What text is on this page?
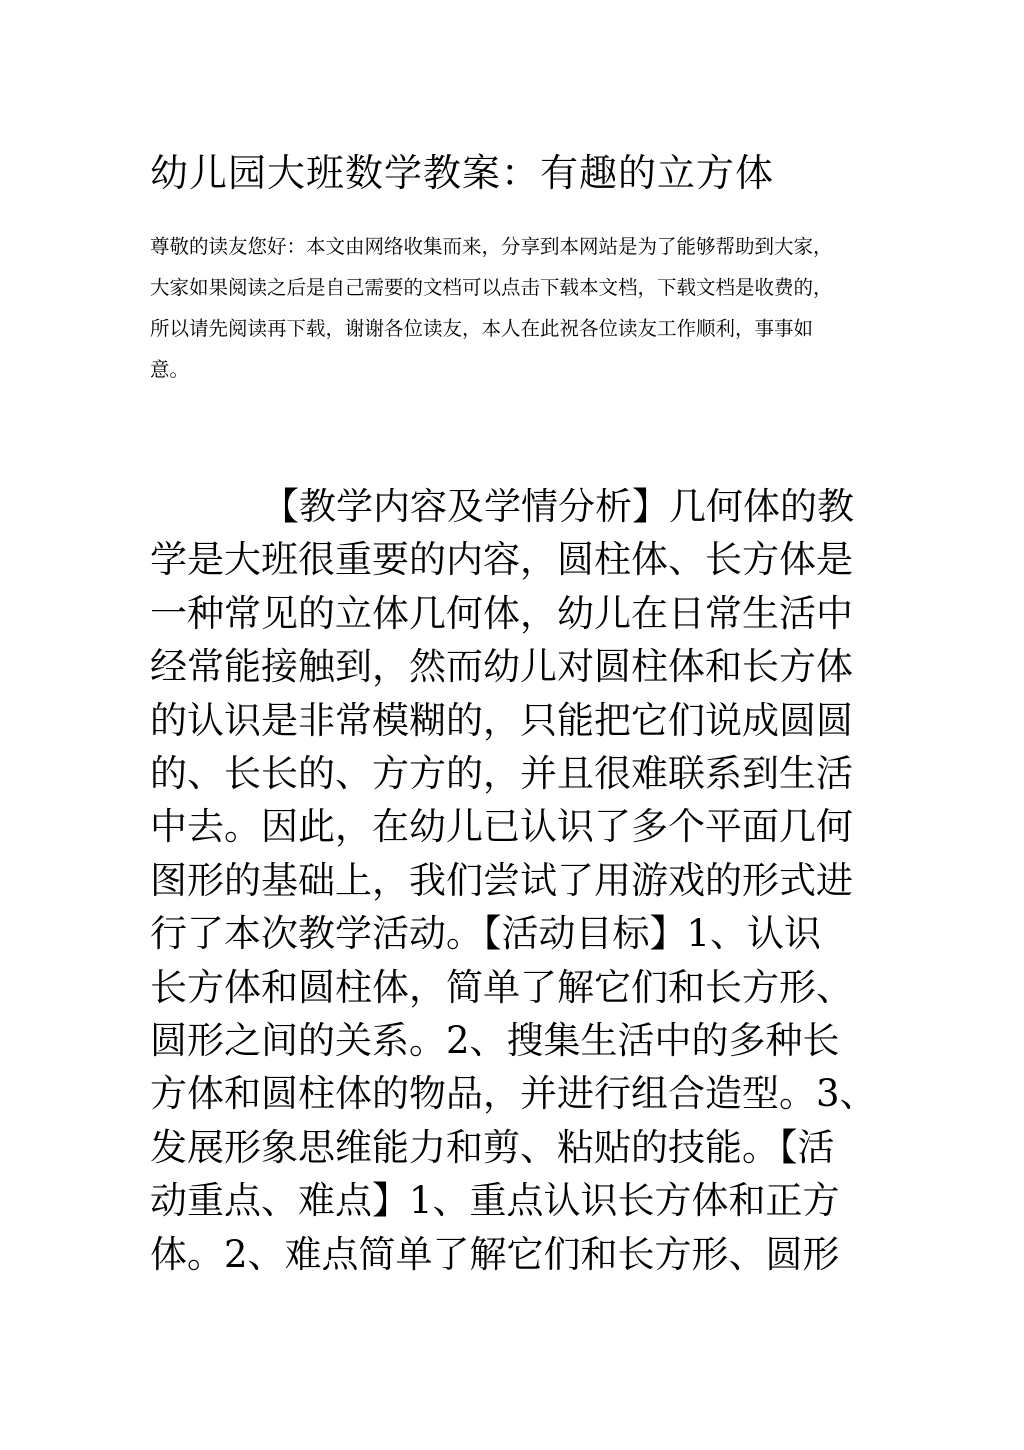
幼儿园大班数学教案：有趣的立方体
尊敬的读友您好：本文由网络收集而来，分享到本网站是为了能够帮助到大家，
大家如果阅读之后是自己需要的文档可以点击下载本文档，下载文档是收费的，
所以请先阅读再下载，谢谢各位读友，本人在此祝各位读友工作顺利，事事如
意。
【教学内容及学情分析】几何体的教
学是大班很重要的内容，圆柱体、长方体是
一种常见的立体几何体，幼儿在日常生活中
经常能接触到，然而幼儿对圆柱体和长方体
的认识是非常模糊的，只能把它们说成圆圆
的、长长的、方方的，并且很难联系到生活
中去。因此，在幼儿已认识了多个平面几何
图形的基础上，我们尝试了用游戏的形式进
行了本次教学活动。【活动目标】1、认识
长方体和圆柱体，简单了解它们和长方形、
圆形之间的关系。2、搜集生活中的多种长
方体和圆柱体的物品，并进行组合造型。3、
发展形象思维能力和剪、粘贴的技能。【活
动重点、难点】1、重点认识长方体和正方
体。2、难点简单了解它们和长方形、圆形
